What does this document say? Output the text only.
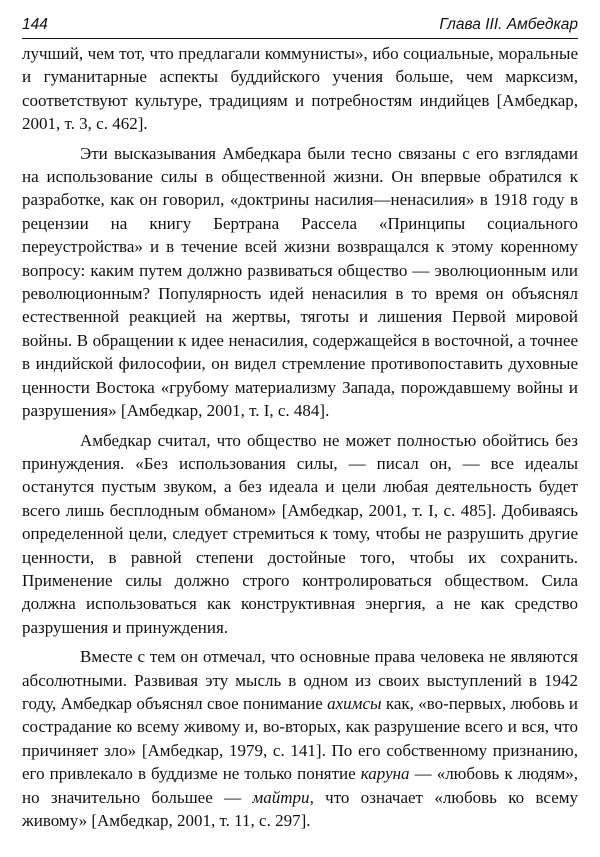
144	Глава III. Амбедкар

лучший, чем тот, что предлагали коммунисты», ибо социальные, моральные и гуманитарные аспекты буддийского учения больше, чем марксизм, соответствуют культуре, традициям и потребностям индийцев [Амбедкар, 2001, т. 3, с. 462].

Эти высказывания Амбедкара были тесно связаны с его взглядами на использование силы в общественной жизни. Он впервые обратился к разработке, как он говорил, «доктрины насилия—ненасилия» в 1918 году в рецензии на книгу Бертрана Рассела «Принципы социального переустройства» и в течение всей жизни возвращался к этому коренному вопросу: каким путем должно развиваться общество — эволюционным или революционным? Популярность идей ненасилия в то время он объяснял естественной реакцией на жертвы, тяготы и лишения Первой мировой войны. В обращении к идее ненасилия, содержащейся в восточной, а точнее в индийской философии, он видел стремление противопоставить духовные ценности Востока «грубому материализму Запада, порождавшему войны и разрушения» [Амбедкар, 2001, т. I, с. 484].

Амбедкар считал, что общество не может полностью обойтись без принуждения. «Без использования силы, — писал он, — все идеалы останутся пустым звуком, а без идеала и цели любая деятельность будет всего лишь бесплодным обманом» [Амбедкар, 2001, т. I, с. 485]. Добиваясь определенной цели, следует стремиться к тому, чтобы не разрушить другие ценности, в равной степени достойные того, чтобы их сохранить. Применение силы должно строго контролироваться обществом. Сила должна использоваться как конструктивная энергия, а не как средство разрушения и принуждения.

Вместе с тем он отмечал, что основные права человека не являются абсолютными. Развивая эту мысль в одном из своих выступлений в 1942 году, Амбедкар объяснял свое понимание ахимсы как, «во-первых, любовь и сострадание ко всему живому и, во-вторых, как разрушение всего и вся, что причиняет зло» [Амбедкар, 1979, с. 141]. По его собственному признанию, его привлекало в буддизме не только понятие каруна — «любовь к людям», но значительно большее — майтри, что означает «любовь ко всему живому» [Амбедкар, 2001, т. 11, с. 297].
